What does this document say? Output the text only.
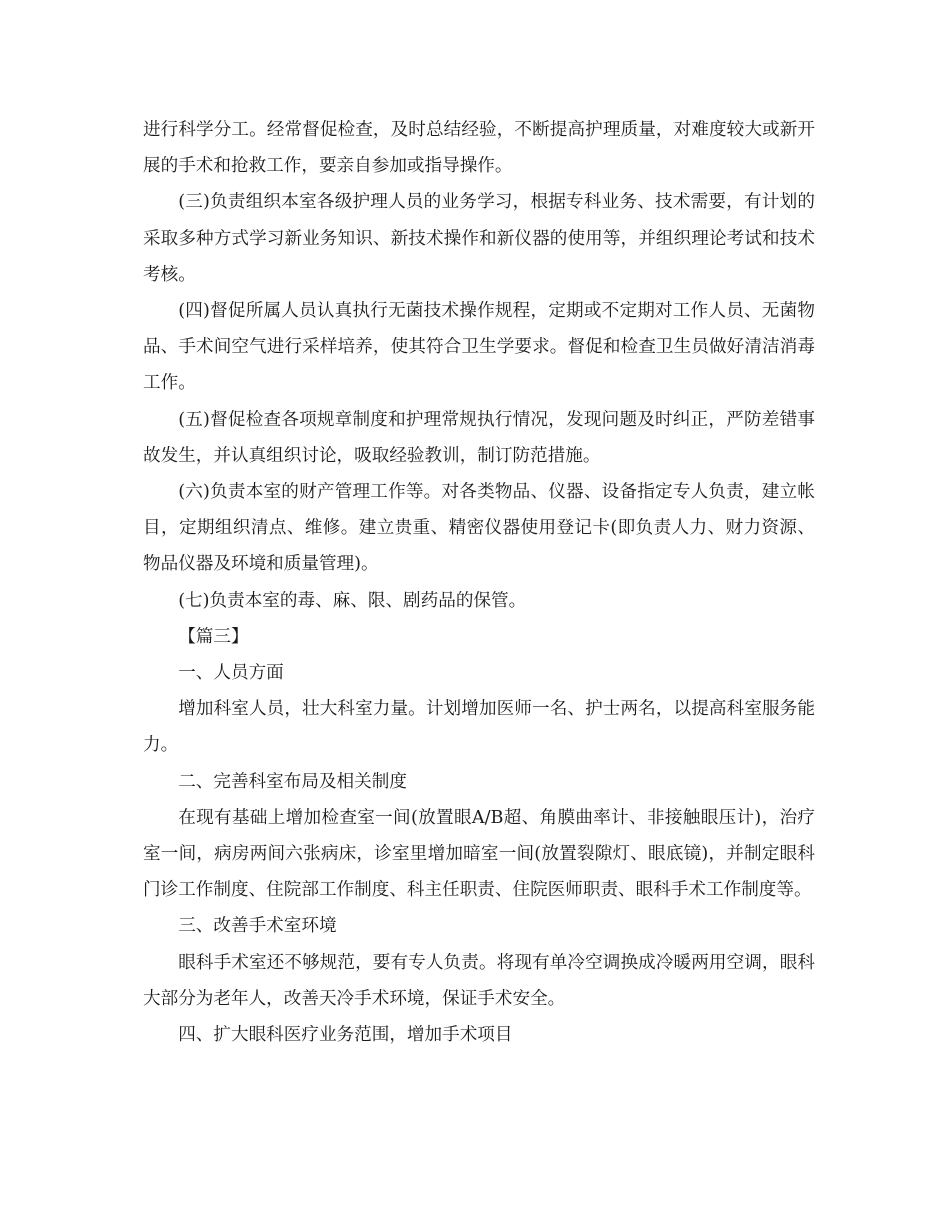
进行科学分工。经常督促检查，及时总结经验，不断提高护理质量，对难度较大或新开展的手术和抢救工作，要亲自参加或指导操作。

(三)负责组织本室各级护理人员的业务学习，根据专科业务、技术需要，有计划的采取多种方式学习新业务知识、新技术操作和新仪器的使用等，并组织理论考试和技术考核。

(四)督促所属人员认真执行无菌技术操作规程，定期或不定期对工作人员、无菌物品、手术间空气进行采样培养，使其符合卫生学要求。督促和检查卫生员做好清洁消毒工作。

(五)督促检查各项规章制度和护理常规执行情况，发现问题及时纠正，严防差错事故发生，并认真组织讨论，吸取经验教训，制订防范措施。

(六)负责本室的财产管理工作等。对各类物品、仪器、设备指定专人负责，建立帐目，定期组织清点、维修。建立贵重、精密仪器使用登记卡(即负责人力、财力资源、物品仪器及环境和质量管理)。

(七)负责本室的毒、麻、限、剧药品的保管。

【篇三】

一、人员方面

增加科室人员，壮大科室力量。计划增加医师一名、护士两名，以提高科室服务能力。

二、完善科室布局及相关制度

在现有基础上增加检查室一间(放置眼A/B超、角膜曲率计、非接触眼压计)，治疗室一间，病房两间六张病床，诊室里增加暗室一间(放置裂隙灯、眼底镜)，并制定眼科门诊工作制度、住院部工作制度、科主任职责、住院医师职责、眼科手术工作制度等。

三、改善手术室环境

眼科手术室还不够规范，要有专人负责。将现有单冷空调换成冷暖两用空调，眼科大部分为老年人，改善天冷手术环境，保证手术安全。

四、扩大眼科医疗业务范围，增加手术项目
